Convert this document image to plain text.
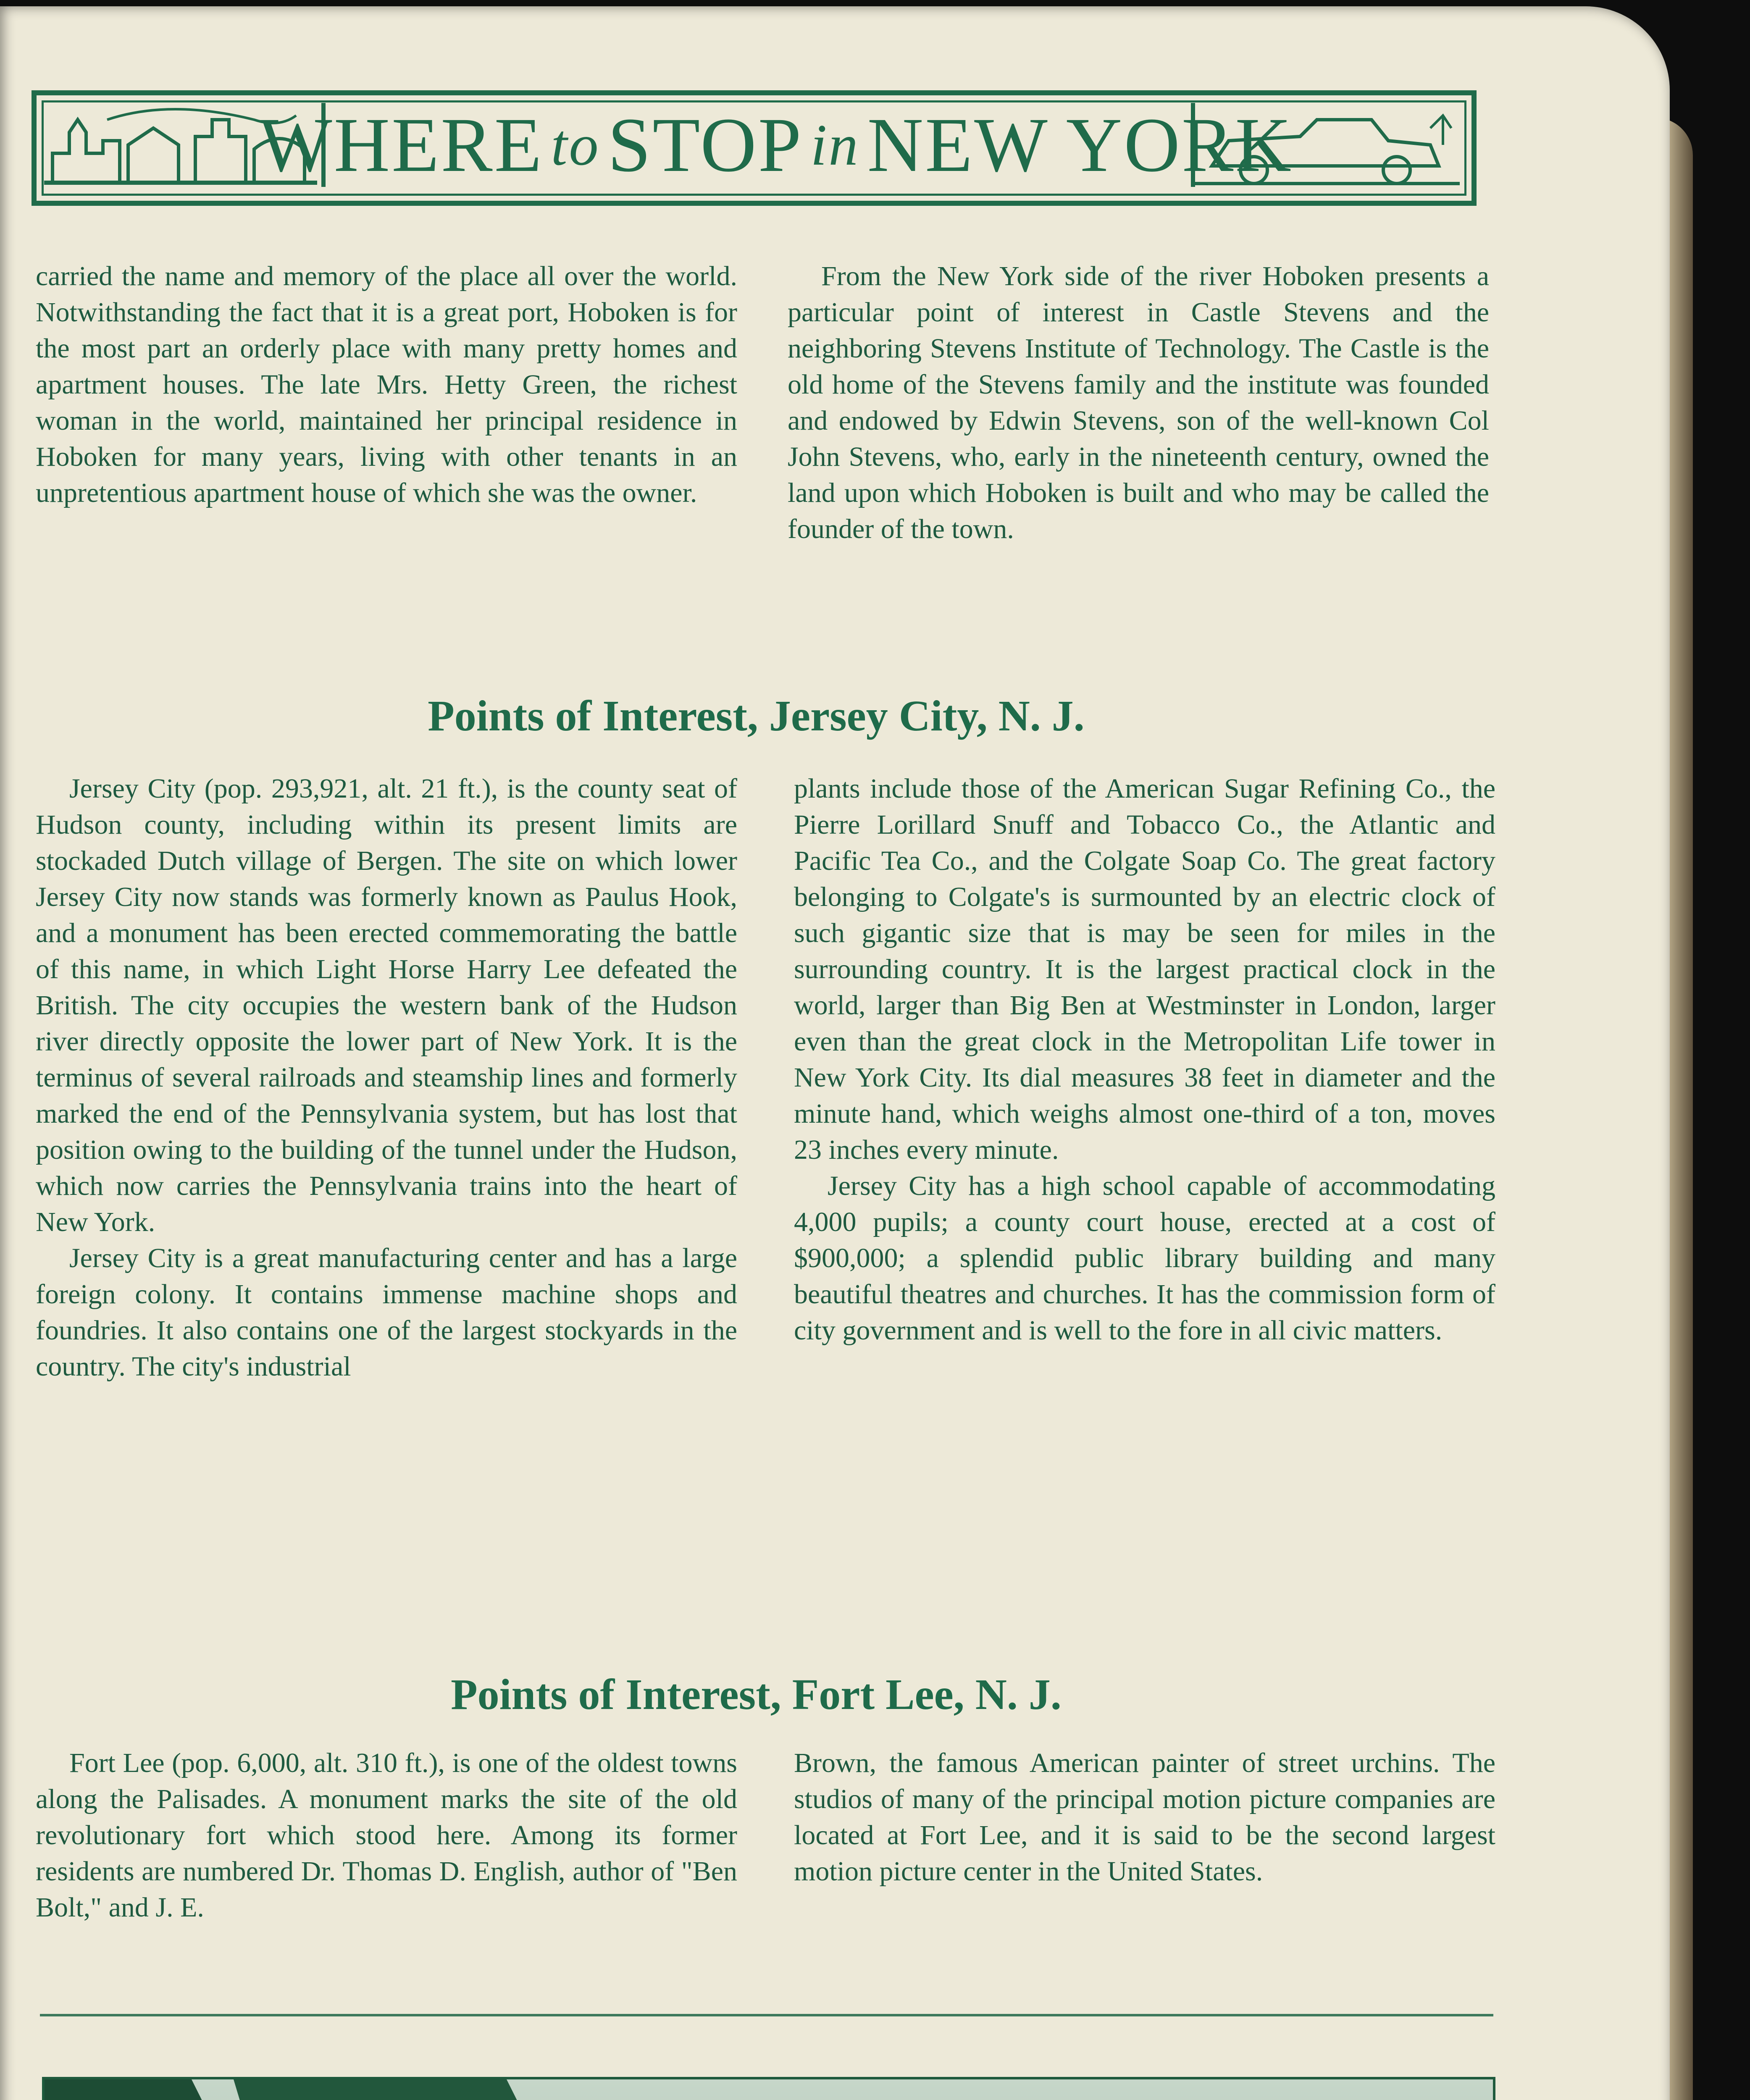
WHERE to STOP in NEW YORK

carried the name and memory of the place all over the world. Notwithstanding the fact that it is a great port, Hoboken is for the most part an orderly place with many pretty homes and apartment houses. The late Mrs. Hetty Green, the richest woman in the world, maintained her principal residence in Hoboken for many years, living with other tenants in an unpretentious apartment house of which she was the owner.

From the New York side of the river Hoboken presents a particular point of interest in Castle Stevens and the neighboring Stevens Institute of Technology. The Castle is the old home of the Stevens family and the institute was founded and endowed by Edwin Stevens, son of the well-known Col John Stevens, who, early in the nineteenth century, owned the land upon which Hoboken is built and who may be called the founder of the town.

Points of Interest, Jersey City, N. J.

Jersey City (pop. 293,921, alt. 21 ft.), is the county seat of Hudson county, including within its present limits are stockaded Dutch village of Bergen. The site on which lower Jersey City now stands was formerly known as Paulus Hook, and a monument has been erected commemorating the battle of this name, in which Light Horse Harry Lee defeated the British. The city occupies the western bank of the Hudson river directly opposite the lower part of New York. It is the terminus of several railroads and steamship lines and formerly marked the end of the Pennsylvania system, but has lost that position owing to the building of the tunnel under the Hudson, which now carries the Pennsylvania trains into the heart of New York.

Jersey City is a great manufacturing center and has a large foreign colony. It contains immense machine shops and foundries. It also contains one of the largest stockyards in the country. The city's industrial

plants include those of the American Sugar Refining Co., the Pierre Lorillard Snuff and Tobacco Co., the Atlantic and Pacific Tea Co., and the Colgate Soap Co. The great factory belonging to Colgate's is surmounted by an electric clock of such gigantic size that is may be seen for miles in the surrounding country. It is the largest practical clock in the world, larger than Big Ben at Westminster in London, larger even than the great clock in the Metropolitan Life tower in New York City. Its dial measures 38 feet in diameter and the minute hand, which weighs almost one-third of a ton, moves 23 inches every minute.

Jersey City has a high school capable of accommodating 4,000 pupils; a county court house, erected at a cost of $900,000; a splendid public library building and many beautiful theatres and churches. It has the commission form of city government and is well to the fore in all civic matters.

Points of Interest, Fort Lee, N. J.

Fort Lee (pop. 6,000, alt. 310 ft.), is one of the oldest towns along the Palisades. A monument marks the site of the old revolutionary fort which stood here. Among its former residents are numbered Dr. Thomas D. English, author of "Ben Bolt," and J. E.

Brown, the famous American painter of street urchins. The studios of many of the principal motion picture companies are located at Fort Lee, and it is said to be the second largest motion picture center in the United States.
